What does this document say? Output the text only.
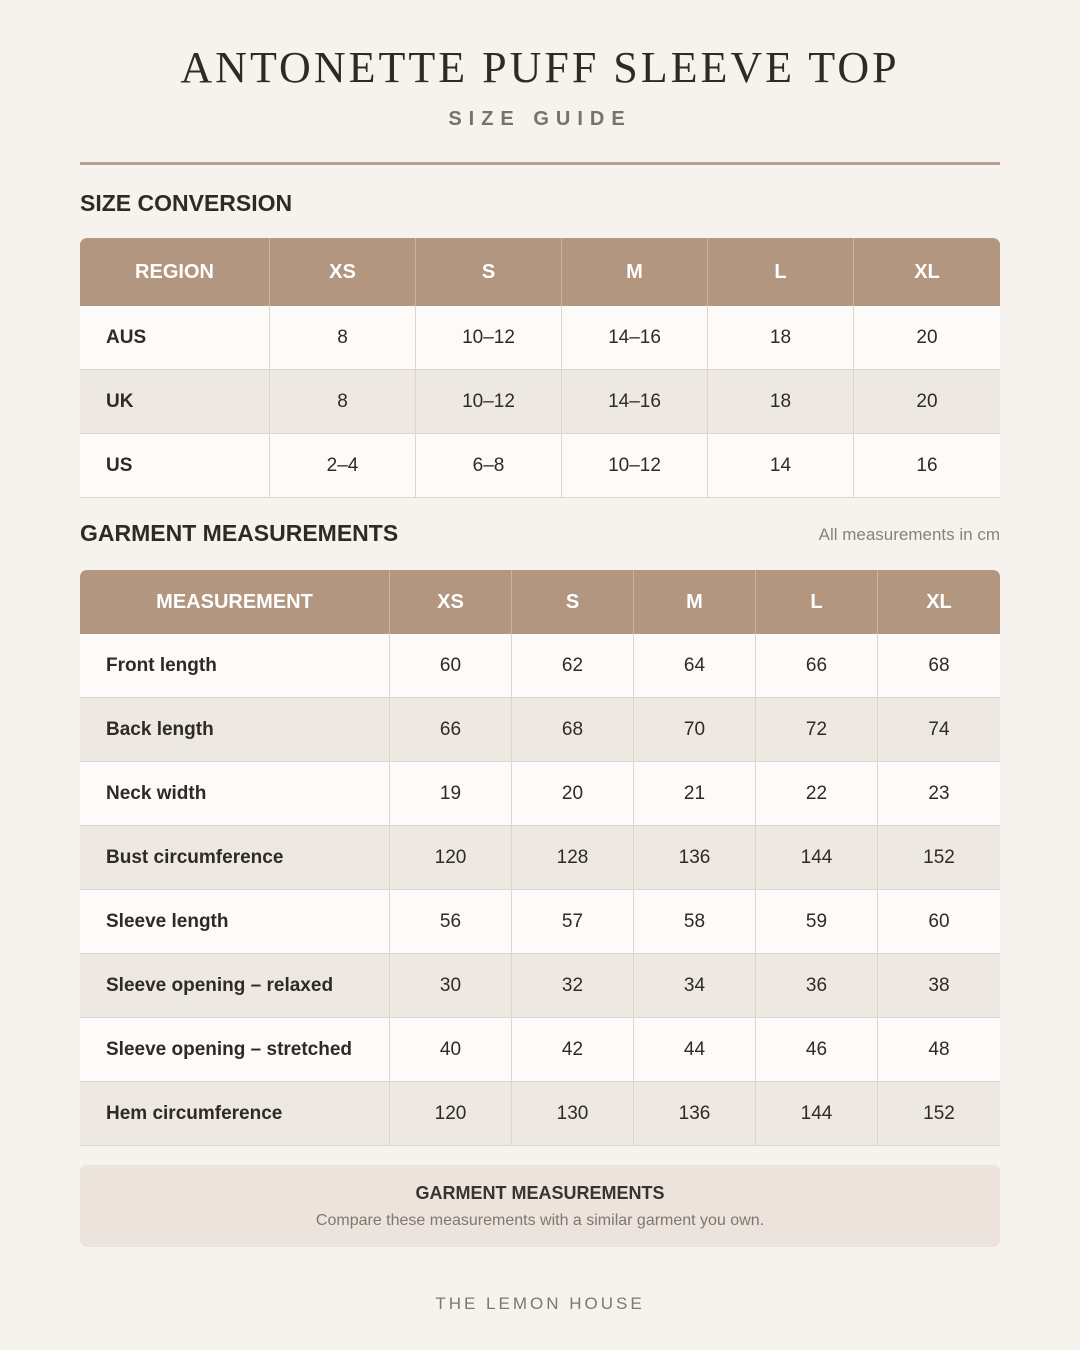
ANTONETTE PUFF SLEEVE TOP
SIZE GUIDE
SIZE CONVERSION
REGION	XS	S	M	L	XL
AUS	8	10–12	14–16	18	20
UK	8	10–12	14–16	18	20
US	2–4	6–8	10–12	14	16
GARMENT MEASUREMENTS	All measurements in cm
MEASUREMENT	XS	S	M	L	XL
Front length	60	62	64	66	68
Back length	66	68	70	72	74
Neck width	19	20	21	22	23
Bust circumference	120	128	136	144	152
Sleeve length	56	57	58	59	60
Sleeve opening – relaxed	30	32	34	36	38
Sleeve opening – stretched	40	42	44	46	48
Hem circumference	120	130	136	144	152
GARMENT MEASUREMENTS
Compare these measurements with a similar garment you own.
THE LEMON HOUSE
